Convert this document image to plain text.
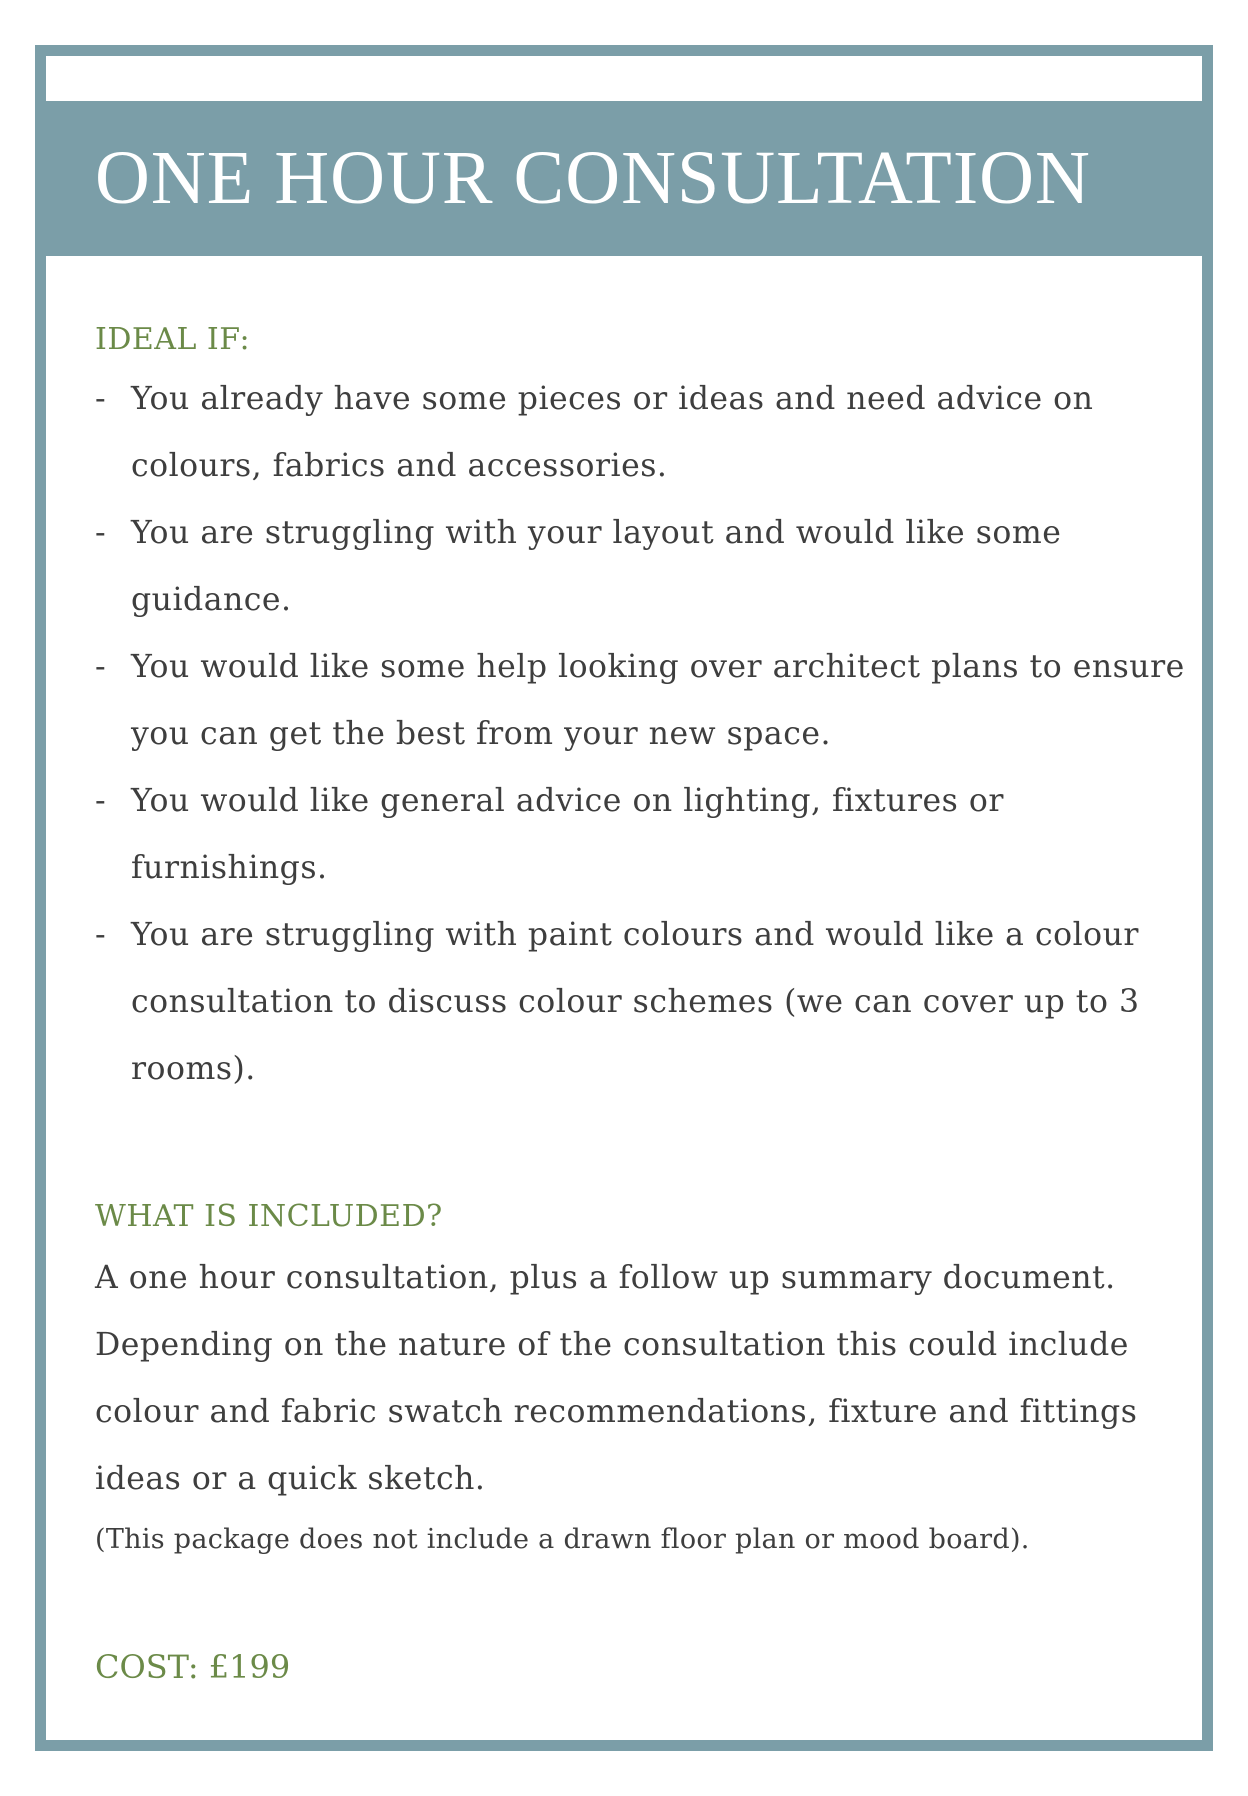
ONE HOUR CONSULTATION
IDEAL IF:
- You already have some pieces or ideas and need advice on colours, fabrics and accessories.
- You are struggling with your layout and would like some guidance.
- You would like some help looking over architect plans to ensure you can get the best from your new space.
- You would like general advice on lighting, fixtures or furnishings.
- You are struggling with paint colours and would like a colour consultation to discuss colour schemes (we can cover up to 3 rooms).
WHAT IS INCLUDED?

A one hour consultation, plus a follow up summary document. Depending on the nature of the consultation this could include colour and fabric swatch recommendations, fixture and fittings ideas or a quick sketch.

(This package does not include a drawn floor plan or mood board).

COST: £199
